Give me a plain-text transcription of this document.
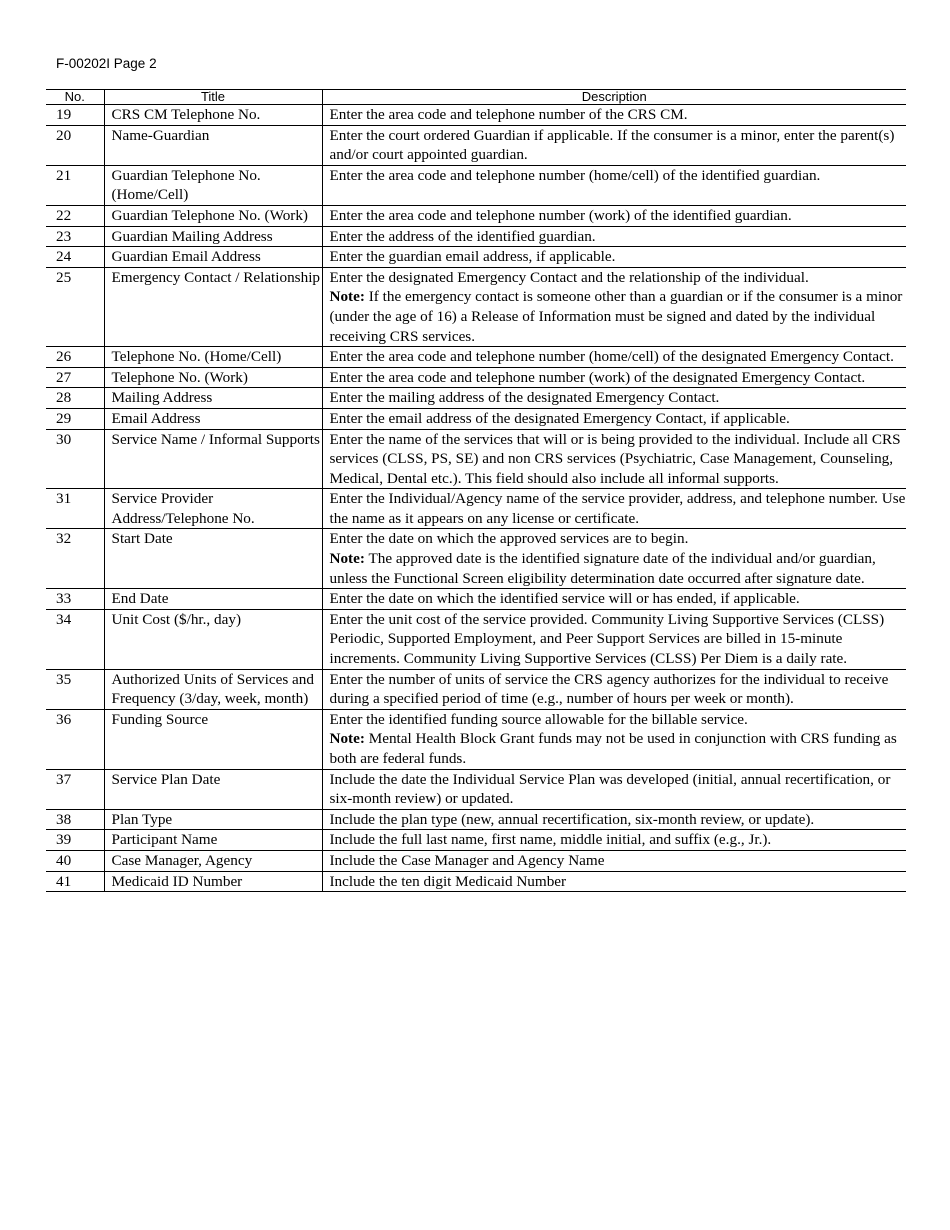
F-00202I Page 2
No.	Title	Description
19	CRS CM Telephone No.	Enter the area code and telephone number of the CRS CM.
20	Name-Guardian	Enter the court ordered Guardian if applicable. If the consumer is a minor, enter the parent(s) and/or court appointed guardian.
21	Guardian Telephone No. (Home/Cell)	Enter the area code and telephone number (home/cell) of the identified guardian.
22	Guardian Telephone No. (Work)	Enter the area code and telephone number (work) of the identified guardian.
23	Guardian Mailing Address	Enter the address of the identified guardian.
24	Guardian Email Address	Enter the guardian email address, if applicable.
25	Emergency Contact / Relationship	Enter the designated Emergency Contact and the relationship of the individual.
Note: If the emergency contact is someone other than a guardian or if the consumer is a minor (under the age of 16) a Release of Information must be signed and dated by the individual receiving CRS services.
26	Telephone No. (Home/Cell)	Enter the area code and telephone number (home/cell) of the designated Emergency Contact.
27	Telephone No. (Work)	Enter the area code and telephone number (work) of the designated Emergency Contact.
28	Mailing Address	Enter the mailing address of the designated Emergency Contact.
29	Email Address	Enter the email address of the designated Emergency Contact, if applicable.
30	Service Name / Informal Supports	Enter the name of the services that will or is being provided to the individual. Include all CRS services (CLSS, PS, SE) and non CRS services (Psychiatric, Case Management, Counseling, Medical, Dental etc.). This field should also include all informal supports.
31	Service Provider Address/Telephone No.	Enter the Individual/Agency name of the service provider, address, and telephone number. Use the name as it appears on any license or certificate.
32	Start Date	Enter the date on which the approved services are to begin.
Note: The approved date is the identified signature date of the individual and/or guardian, unless the Functional Screen eligibility determination date occurred after signature date.
33	End Date	Enter the date on which the identified service will or has ended, if applicable.
34	Unit Cost ($/hr., day)	Enter the unit cost of the service provided. Community Living Supportive Services (CLSS) Periodic, Supported Employment, and Peer Support Services are billed in 15-minute increments. Community Living Supportive Services (CLSS) Per Diem is a daily rate.
35	Authorized Units of Services and Frequency (3/day, week, month)	Enter the number of units of service the CRS agency authorizes for the individual to receive during a specified period of time (e.g., number of hours per week or month).
36	Funding Source	Enter the identified funding source allowable for the billable service.
Note: Mental Health Block Grant funds may not be used in conjunction with CRS funding as both are federal funds.
37	Service Plan Date	Include the date the Individual Service Plan was developed (initial, annual recertification, or six-month review) or updated.
38	Plan Type	Include the plan type (new, annual recertification, six-month review, or update).
39	Participant Name	Include the full last name, first name, middle initial, and suffix (e.g., Jr.).
40	Case Manager, Agency	Include the Case Manager and Agency Name
41	Medicaid ID Number	Include the ten digit Medicaid Number
